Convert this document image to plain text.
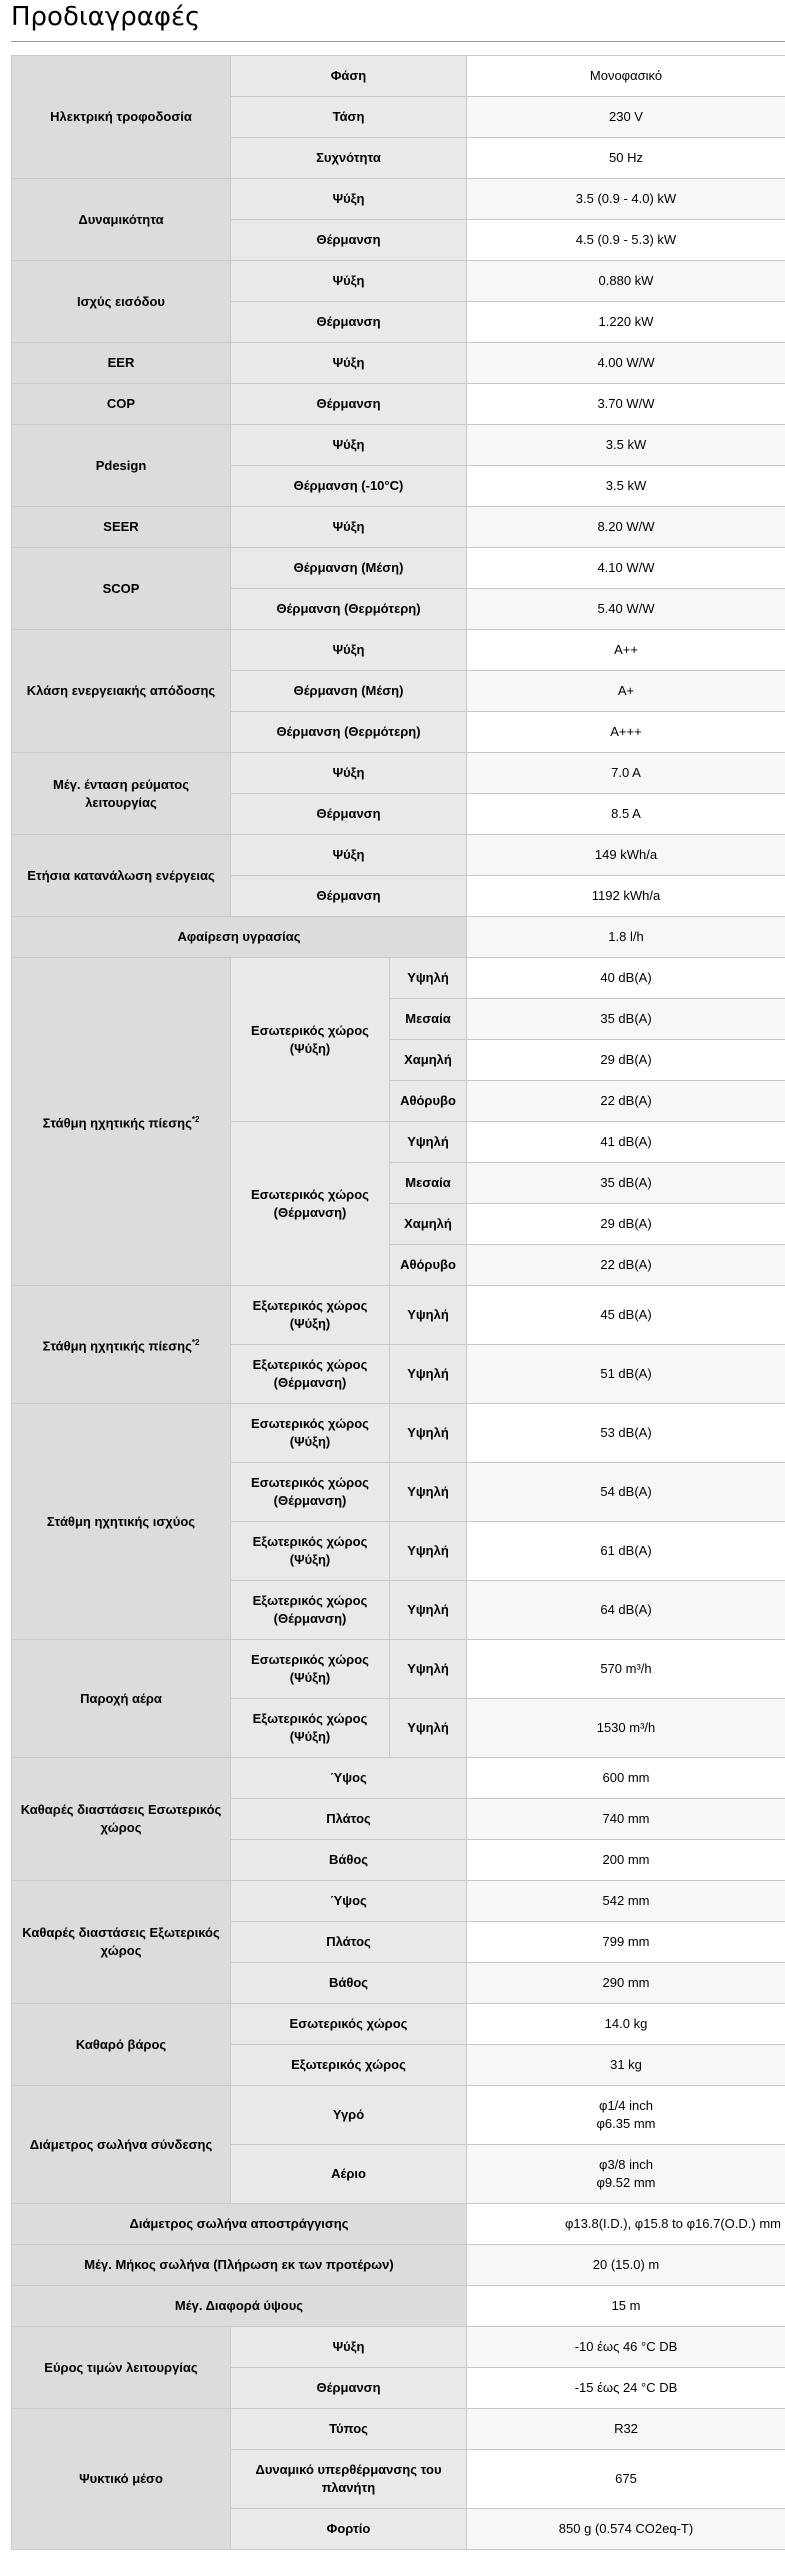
Προδιαγραφές
Ηλεκτρική τροφοδοσία	Φάση		Μονοφασικό
	Τάση		230 V
	Συχνότητα		50 Hz
Δυναμικότητα	Ψύξη		3.5 (0.9 - 4.0) kW
	Θέρμανση		4.5 (0.9 - 5.3) kW
Ισχύς εισόδου	Ψύξη		0.880 kW
	Θέρμανση		1.220 kW
EER	Ψύξη		4.00 W/W
COP	Θέρμανση		3.70 W/W
Pdesign	Ψύξη		3.5 kW
	Θέρμανση (-10°C)		3.5 kW
SEER	Ψύξη		8.20 W/W
SCOP	Θέρμανση (Μέση)		4.10 W/W
	Θέρμανση (Θερμότερη)		5.40 W/W
Κλάση ενεργειακής απόδοσης	Ψύξη		A++
	Θέρμανση (Μέση)		A+
	Θέρμανση (Θερμότερη)		A+++
Μέγ. ένταση ρεύματος λειτουργίας	Ψύξη		7.0 A
	Θέρμανση		8.5 A
Ετήσια κατανάλωση ενέργειας	Ψύξη		149 kWh/a
	Θέρμανση		1192 kWh/a
Αφαίρεση υγρασίας			1.8 l/h
Στάθμη ηχητικής πίεσης$^{*2}$	Εσωτερικός χώρος (Ψύξη)	Υψηλή	40 dB(A)
		Μεσαία	35 dB(A)
		Χαμηλή	29 dB(A)
		Αθόρυβο	22 dB(A)
	Εσωτερικός χώρος (Θέρμανση)	Υψηλή	41 dB(A)
		Μεσαία	35 dB(A)
		Χαμηλή	29 dB(A)
		Αθόρυβο	22 dB(A)
Στάθμη ηχητικής πίεσης$^{*2}$	Εξωτερικός χώρος (Ψύξη)	Υψηλή	45 dB(A)
	Εξωτερικός χώρος (Θέρμανση)	Υψηλή	51 dB(A)
Στάθμη ηχητικής ισχύος	Εσωτερικός χώρος (Ψύξη)	Υψηλή	53 dB(A)
	Εσωτερικός χώρος (Θέρμανση)	Υψηλή	54 dB(A)
	Εξωτερικός χώρος (Ψύξη)	Υψηλή	61 dB(A)
	Εξωτερικός χώρος (Θέρμανση)	Υψηλή	64 dB(A)
Παροχή αέρα	Εσωτερικός χώρος (Ψύξη)	Υψηλή	570 m³/h
	Εξωτερικός χώρος (Ψύξη)	Υψηλή	1530 m³/h
Καθαρές διαστάσεις Εσωτερικός χώρος	Ύψος		600 mm
	Πλάτος		740 mm
	Βάθος		200 mm
Καθαρές διαστάσεις Εξωτερικός χώρος	Ύψος		542 mm
	Πλάτος		799 mm
	Βάθος		290 mm
Καθαρό βάρος	Εσωτερικός χώρος		14.0 kg
	Εξωτερικός χώρος		31 kg
Διάμετρος σωλήνα σύνδεσης	Υγρό		φ1/4 inch
φ6.35 mm
	Αέριο		φ3/8 inch
φ9.52 mm
Διάμετρος σωλήνα αποστράγγισης			φ13.8(I.D.), φ15.8 to φ16.7(O.D.) mm
Μέγ. Μήκος σωλήνα (Πλήρωση εκ των προτέρων)			20 (15.0) m
Μέγ. Διαφορά ύψους			15 m
Εύρος τιμών λειτουργίας	Ψύξη		-10 έως 46 °C DB
	Θέρμανση		-15 έως 24 °C DB
Ψυκτικό μέσο	Τύπος		R32
	Δυναμικό υπερθέρμανσης του πλανήτη		675
	Φορτίο		850 g (0.574 CO2eq-T)
